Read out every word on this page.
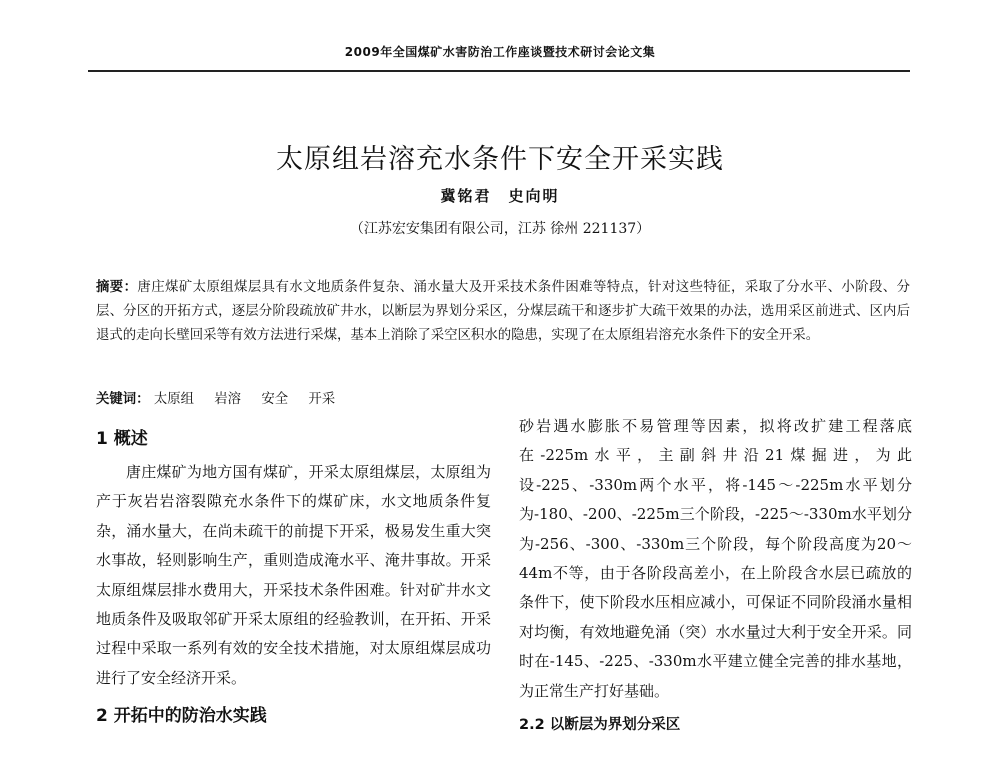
2009年全国煤矿水害防治工作座谈暨技术研讨会论文集
太原组岩溶充水条件下安全开采实践
冀铭君　史向明
（江苏宏安集团有限公司，江苏 徐州 221137）
摘要：唐庄煤矿太原组煤层具有水文地质条件复杂、涌水量大及开采技术条件困难等特点，针对这些特征，采取了分水平、小阶段、分层、分区的开拓方式，逐层分阶段疏放矿井水，以断层为界划分采区，分煤层疏干和逐步扩大疏干效果的办法，选用采区前进式、区内后退式的走向长壁回采等有效方法进行采煤，基本上消除了采空区积水的隐患，实现了在太原组岩溶充水条件下的安全开采。
关键词： 太原组 岩溶 安全 开采
1 概述

唐庄煤矿为地方国有煤矿，开采太原组煤层，太原组为产于灰岩岩溶裂隙充水条件下的煤矿床，水文地质条件复杂，涌水量大，在尚未疏干的前提下开采，极易发生重大突水事故，轻则影响生产，重则造成淹水平、淹井事故。开采太原组煤层排水费用大，开采技术条件困难。针对矿井水文地质条件及吸取邻矿开采太原组的经验教训，在开拓、开采过程中采取一系列有效的安全技术措施，对太原组煤层成功进行了安全经济开采。

2 开拓中的防治水实践

砂岩遇水膨胀不易管理等因素，拟将改扩建工程落底在-225m水平，主副斜井沿21煤掘进，为此设-225、-330m两个水平，将-145～-225m水平划分为-180、-200、-225m三个阶段，-225～-330m水平划分为-256、-300、-330m三个阶段，每个阶段高度为20～44m不等，由于各阶段高差小，在上阶段含水层已疏放的条件下，使下阶段水压相应减小，可保证不同阶段涌水量相对均衡，有效地避免涌（突）水水量过大利于安全开采。同时在-145、-225、-330m水平建立健全完善的排水基地，为正常生产打好基础。

2.2 以断层为界划分采区
